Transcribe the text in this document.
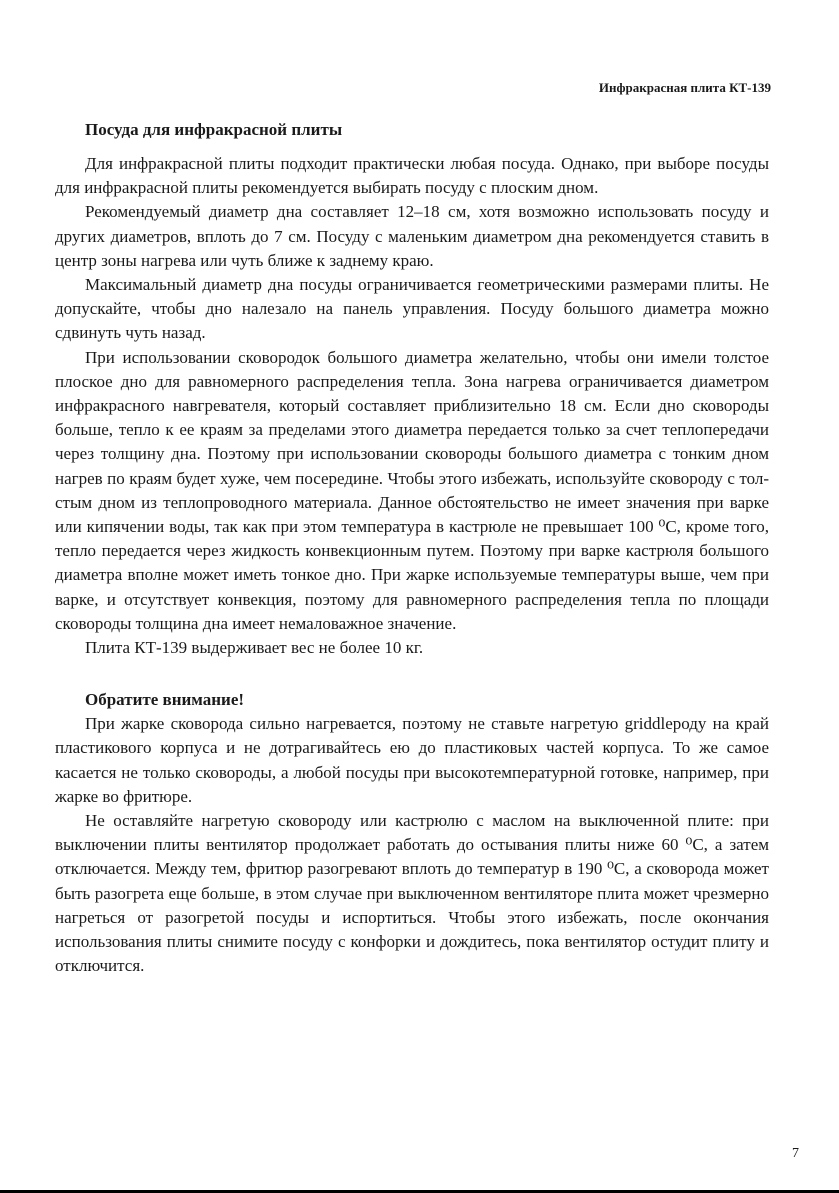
Инфракрасная плита КТ-139
Посуда для инфракрасной плиты

Для инфракрасной плиты подходит практически любая посуда. Однако, при выборе посуды для инфракрасной плиты рекомендуется выбирать посуду с плоским дном.

Рекомендуемый диаметр дна составляет 12–18 см, хотя возможно использовать посуду и других диаметров, вплоть до 7 см. Посуду с маленьким диаметром дна рекомендуется ставить в центр зоны нагрева или чуть ближе к заднему краю.

Максимальный диаметр дна посуды ограничивается геометрическими размерами плиты. Не допускайте, чтобы дно налезало на панель управления. Посуду большого диаметра можно сдвинуть чуть назад.

При использовании сковородок большого диаметра желательно, чтобы они имели толстое плоское дно для равномерного распределения тепла. Зона нагрева ограничивается диаметром инфракрасного навгревателя, который составляет приблизительно 18 см. Если дно сковороды больше, тепло к ее краям за пределами этого диаметра передается только за счет теплопередачи через толщину дна. Поэтому при использовании сковороды большого диаметра с тонким дном нагрев по краям будет хуже, чем посередине. Чтобы этого избежать, используйте сковороду с толстым дном из теплопроводного материала. Данное обстоятельство не имеет значения при варке или кипячении воды, так как при этом температура в кастрюле не превышает 100 ⁰С, кроме того, тепло передается через жидкость конвекционным путем. Поэтому при варке кастрюля большого диаметра вполне может иметь тонкое дно. При жарке используемые температуры выше, чем при варке, и отсутствует конвекция, поэтому для равномерного распределения тепла по площади сковороды толщина дна имеет немаловажное значение.

Плита КТ-139 выдерживает вес не более 10 кг.

Обратите внимание!

При жарке сковорода сильно нагревается, поэтому не ставьте нагретую griddleроду на край пластикового корпуса и не дотрагивайтесь ею до пластиковых частей корпуса. То же самое касается не только сковороды, а любой посуды при высокотемпературной готовке, например, при жарке во фритюре.

Не оставляйте нагретую сковороду или кастрюлю с маслом на выключенной плите: при выключении плиты вентилятор продолжает работать до остывания плиты ниже 60 ⁰С, а затем отключается. Между тем, фритюр разогревают вплоть до температур в 190 ⁰С, а сковорода может быть разогрета еще больше, в этом случае при выключенном вентиляторе плита может чрезмерно нагреться от разогретой посуды и испортиться. Чтобы этого избежать, после окончания использования плиты снимите посуду с конфорки и дождитесь, пока вентилятор остудит плиту и отключится.

7
